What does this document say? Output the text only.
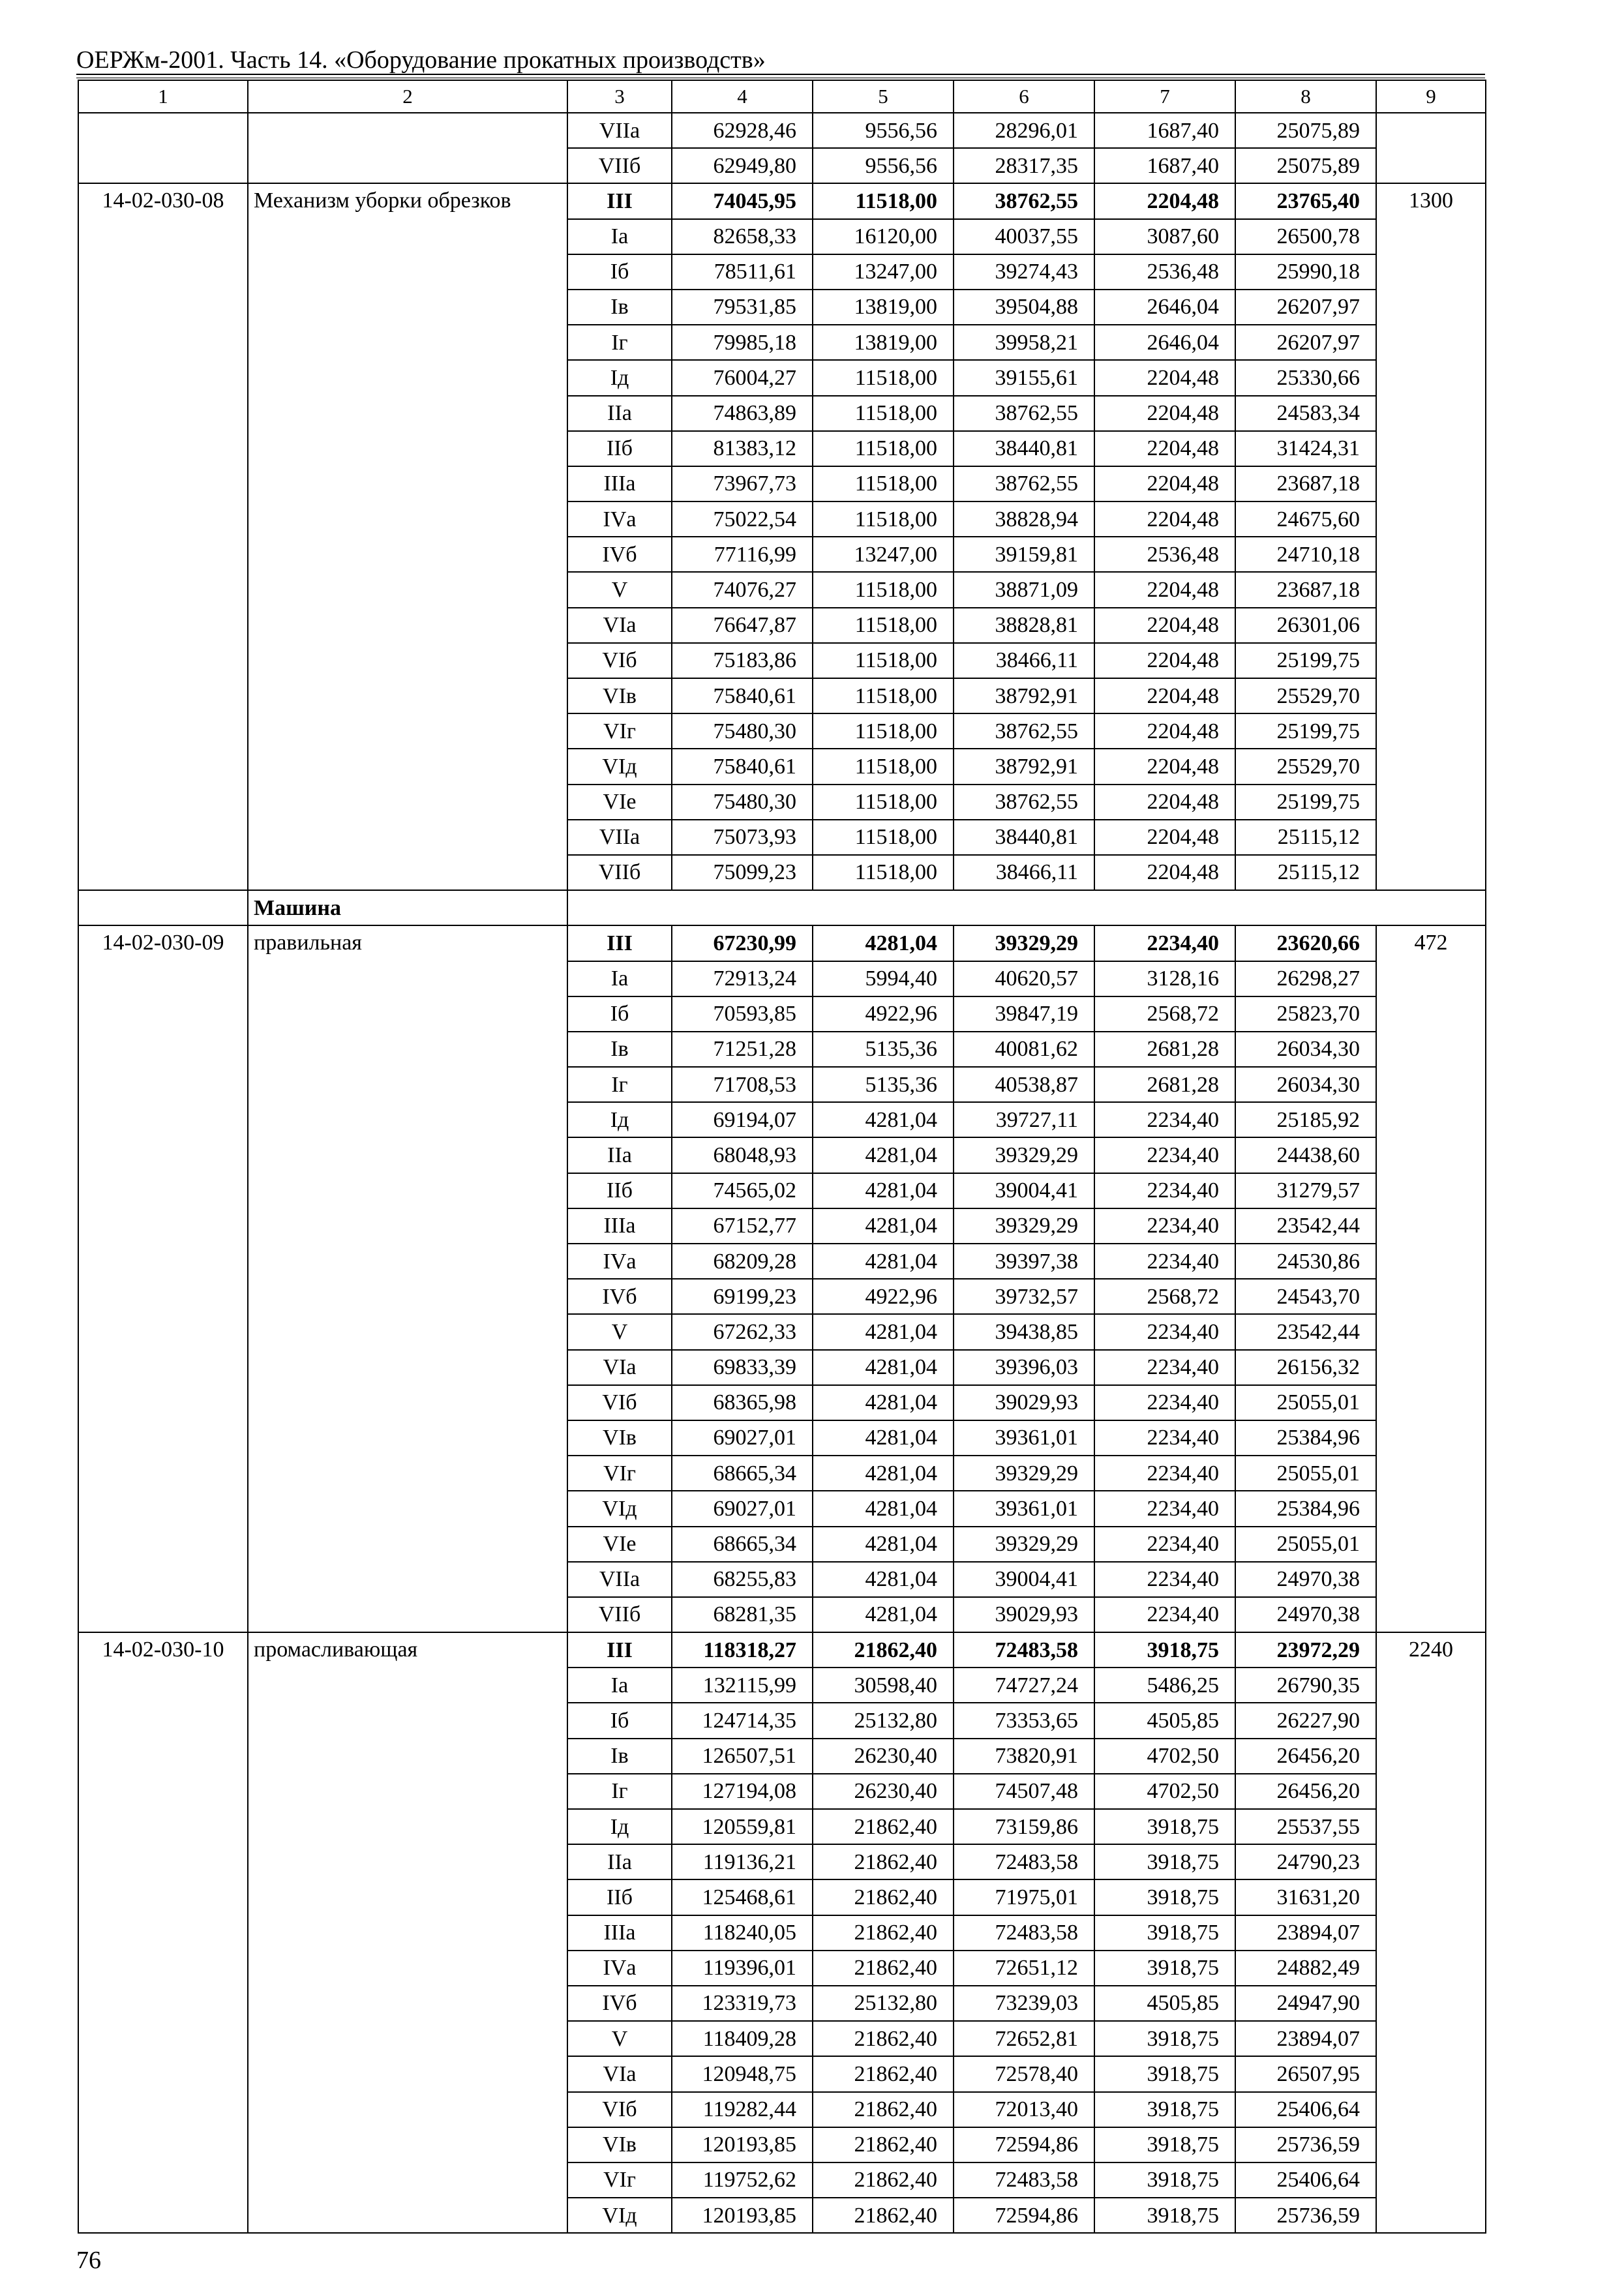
ОЕРЖм-2001. Часть 14. «Оборудование прокатных производств»
1	2	3	4	5	6	7	8	9
		VIIа	62928,46	9556,56	28296,01	1687,40	25075,89	
		VIIб	62949,80	9556,56	28317,35	1687,40	25075,89	
14-02-030-08	Механизм уборки обрезков	III	74045,95	11518,00	38762,55	2204,48	23765,40	1300
		Iа	82658,33	16120,00	40037,55	3087,60	26500,78	
		Iб	78511,61	13247,00	39274,43	2536,48	25990,18	
		Iв	79531,85	13819,00	39504,88	2646,04	26207,97	
		Iг	79985,18	13819,00	39958,21	2646,04	26207,97	
		Iд	76004,27	11518,00	39155,61	2204,48	25330,66	
		IIа	74863,89	11518,00	38762,55	2204,48	24583,34	
		IIб	81383,12	11518,00	38440,81	2204,48	31424,31	
		IIIа	73967,73	11518,00	38762,55	2204,48	23687,18	
		IVа	75022,54	11518,00	38828,94	2204,48	24675,60	
		IVб	77116,99	13247,00	39159,81	2536,48	24710,18	
		V	74076,27	11518,00	38871,09	2204,48	23687,18	
		VIа	76647,87	11518,00	38828,81	2204,48	26301,06	
		VIб	75183,86	11518,00	38466,11	2204,48	25199,75	
		VIв	75840,61	11518,00	38792,91	2204,48	25529,70	
		VIг	75480,30	11518,00	38762,55	2204,48	25199,75	
		VIд	75840,61	11518,00	38792,91	2204,48	25529,70	
		VIе	75480,30	11518,00	38762,55	2204,48	25199,75	
		VIIа	75073,93	11518,00	38440,81	2204,48	25115,12	
		VIIб	75099,23	11518,00	38466,11	2204,48	25115,12	
	Машина							
14-02-030-09	правильная	III	67230,99	4281,04	39329,29	2234,40	23620,66	472
		Iа	72913,24	5994,40	40620,57	3128,16	26298,27	
		Iб	70593,85	4922,96	39847,19	2568,72	25823,70	
		Iв	71251,28	5135,36	40081,62	2681,28	26034,30	
		Iг	71708,53	5135,36	40538,87	2681,28	26034,30	
		Iд	69194,07	4281,04	39727,11	2234,40	25185,92	
		IIа	68048,93	4281,04	39329,29	2234,40	24438,60	
		IIб	74565,02	4281,04	39004,41	2234,40	31279,57	
		IIIа	67152,77	4281,04	39329,29	2234,40	23542,44	
		IVа	68209,28	4281,04	39397,38	2234,40	24530,86	
		IVб	69199,23	4922,96	39732,57	2568,72	24543,70	
		V	67262,33	4281,04	39438,85	2234,40	23542,44	
		VIа	69833,39	4281,04	39396,03	2234,40	26156,32	
		VIб	68365,98	4281,04	39029,93	2234,40	25055,01	
		VIв	69027,01	4281,04	39361,01	2234,40	25384,96	
		VIг	68665,34	4281,04	39329,29	2234,40	25055,01	
		VIд	69027,01	4281,04	39361,01	2234,40	25384,96	
		VIе	68665,34	4281,04	39329,29	2234,40	25055,01	
		VIIа	68255,83	4281,04	39004,41	2234,40	24970,38	
		VIIб	68281,35	4281,04	39029,93	2234,40	24970,38	
14-02-030-10	промасливающая	III	118318,27	21862,40	72483,58	3918,75	23972,29	2240
		Iа	132115,99	30598,40	74727,24	5486,25	26790,35	
		Iб	124714,35	25132,80	73353,65	4505,85	26227,90	
		Iв	126507,51	26230,40	73820,91	4702,50	26456,20	
		Iг	127194,08	26230,40	74507,48	4702,50	26456,20	
		Iд	120559,81	21862,40	73159,86	3918,75	25537,55	
		IIа	119136,21	21862,40	72483,58	3918,75	24790,23	
		IIб	125468,61	21862,40	71975,01	3918,75	31631,20	
		IIIа	118240,05	21862,40	72483,58	3918,75	23894,07	
		IVа	119396,01	21862,40	72651,12	3918,75	24882,49	
		IVб	123319,73	25132,80	73239,03	4505,85	24947,90	
		V	118409,28	21862,40	72652,81	3918,75	23894,07	
		VIа	120948,75	21862,40	72578,40	3918,75	26507,95	
		VIб	119282,44	21862,40	72013,40	3918,75	25406,64	
		VIв	120193,85	21862,40	72594,86	3918,75	25736,59	
		VIг	119752,62	21862,40	72483,58	3918,75	25406,64	
		VIд	120193,85	21862,40	72594,86	3918,75	25736,59	
76
